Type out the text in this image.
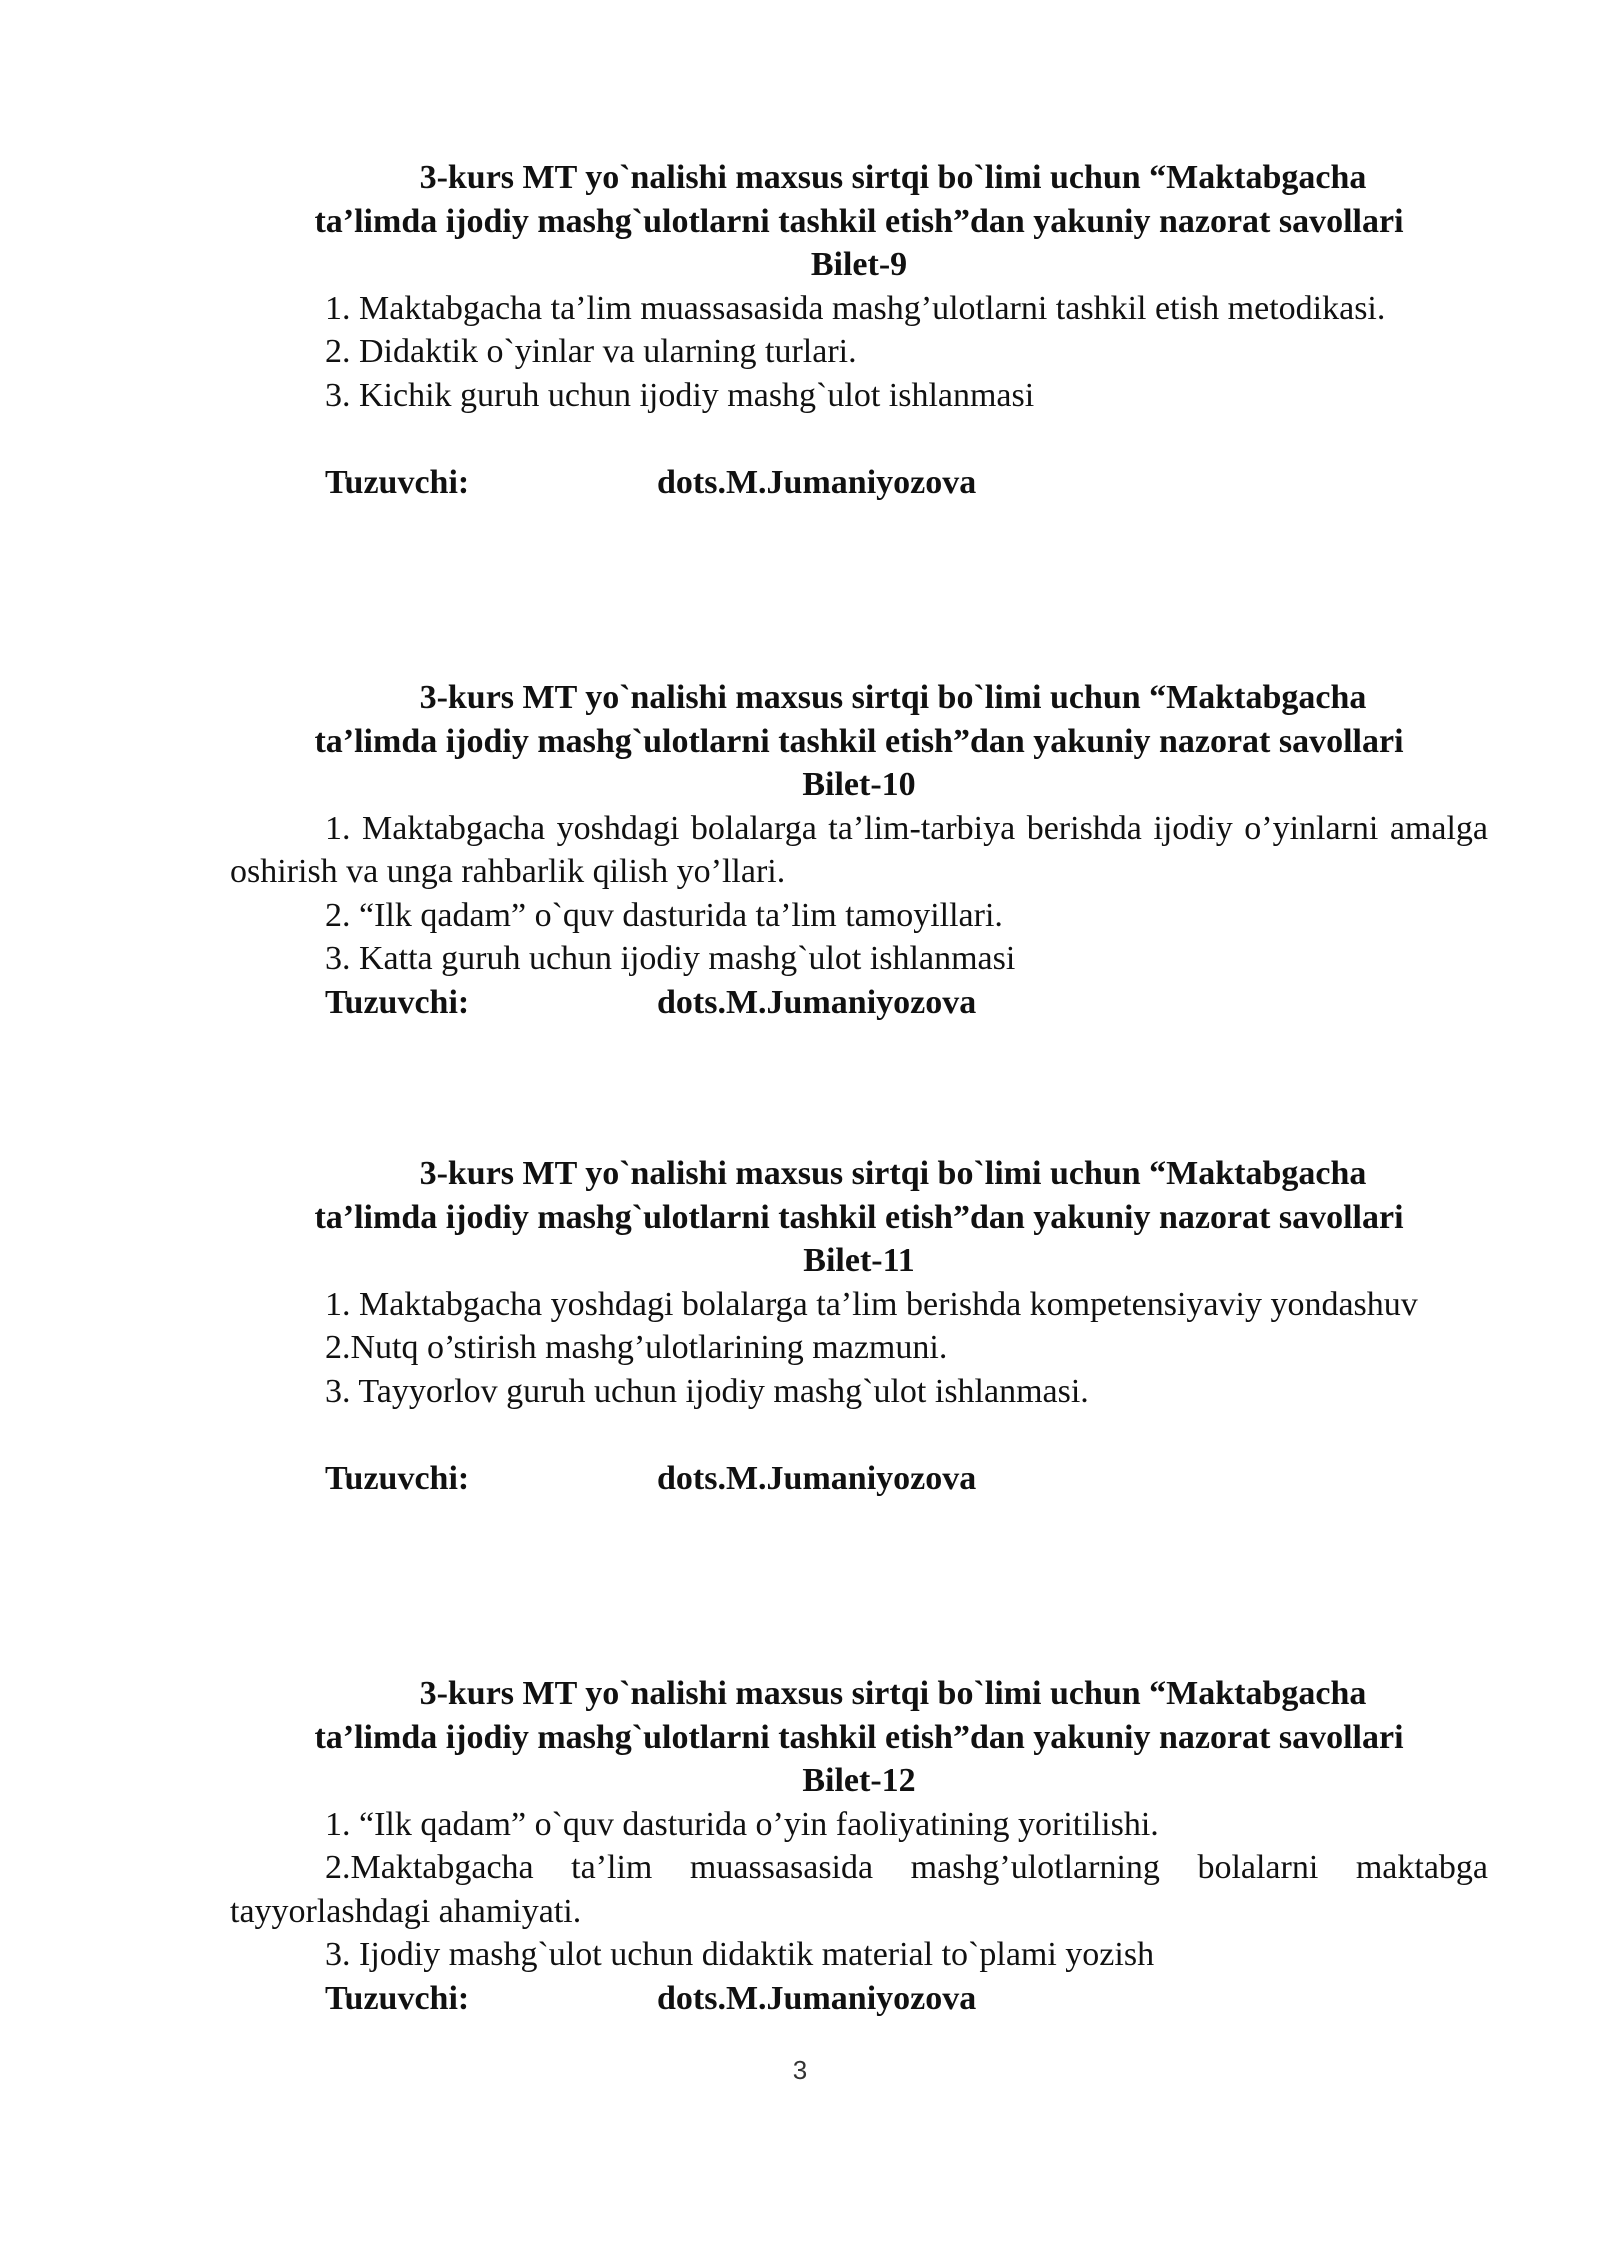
3-kurs MT yo`nalishi maxsus sirtqi bo`limi uchun “Maktabgacha
ta’limda ijodiy mashg`ulotlarni tashkil etish”dan yakuniy nazorat savollari
Bilet-9
1. Maktabgacha ta’lim muassasasida mashg’ulotlarni tashkil etish metodikasi.
2. Didaktik o`yinlar va ularning turlari.
3. Kichik guruh uchun ijodiy mashg`ulot ishlanmasi
Tuzuvchi:	dots.M.Jumaniyozova
3-kurs MT yo`nalishi maxsus sirtqi bo`limi uchun “Maktabgacha
ta’limda ijodiy mashg`ulotlarni tashkil etish”dan yakuniy nazorat savollari
Bilet-10
1. Maktabgacha yoshdagi bolalarga ta’lim-tarbiya berishda ijodiy o’yinlarni amalga oshirish va unga rahbarlik qilish yo’llari.
2. “Ilk qadam” o`quv dasturida ta’lim tamoyillari.
3. Katta guruh uchun ijodiy mashg`ulot ishlanmasi
Tuzuvchi:	dots.M.Jumaniyozova
3-kurs MT yo`nalishi maxsus sirtqi bo`limi uchun “Maktabgacha
ta’limda ijodiy mashg`ulotlarni tashkil etish”dan yakuniy nazorat savollari
Bilet-11
1. Maktabgacha yoshdagi bolalarga ta’lim berishda kompetensiyaviy yondashuv
2.Nutq o’stirish mashg’ulotlarining mazmuni.
3. Tayyorlov guruh uchun ijodiy mashg`ulot ishlanmasi.
Tuzuvchi:	dots.M.Jumaniyozova
3-kurs MT yo`nalishi maxsus sirtqi bo`limi uchun “Maktabgacha
ta’limda ijodiy mashg`ulotlarni tashkil etish”dan yakuniy nazorat savollari
Bilet-12
1. “Ilk qadam” o`quv dasturida o’yin faoliyatining yoritilishi.
2.Maktabgacha ta’lim muassasasida mashg’ulotlarning bolalarni maktabga tayyorlashdagi ahamiyati.
3. Ijodiy mashg`ulot uchun didaktik material to`plami yozish
Tuzuvchi:	dots.M.Jumaniyozova
3
